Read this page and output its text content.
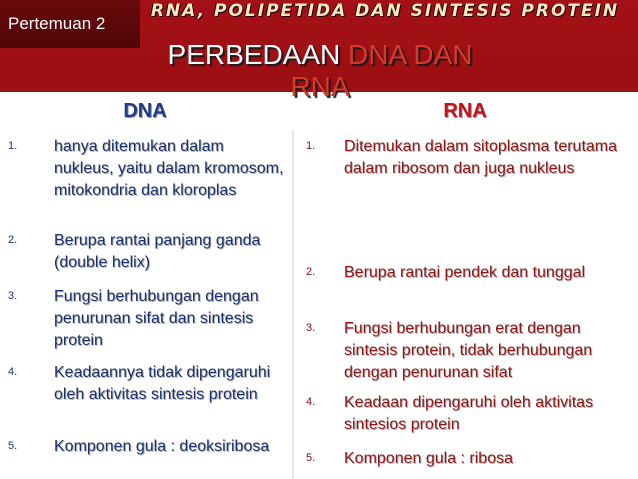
Pertemuan 2
RNA, POLIPETIDA DAN SINTESIS PROTEIN
DNA	RNA
1. hanya ditemukan dalam nukleus, yaitu dalam kromosom, mitokondria dan kloroplas
2. Berupa rantai panjang ganda (double helix)
3. Fungsi berhubungan dengan penurunan sifat dan sintesis protein
4. Keadaannya tidak dipengaruhi oleh aktivitas sintesis protein
5. Komponen gula : deoksiribosa
1. Ditemukan dalam sitoplasma terutama dalam ribosom dan juga nukleus
2. Berupa rantai pendek dan tunggal
3. Fungsi berhubungan erat dengan sintesis protein, tidak berhubungan dengan penurunan sifat
4. Keadaan dipengaruhi oleh aktivitas sintesios protein
5. Komponen gula : ribosa
PERBEDAAN DNA DAN
RNA
